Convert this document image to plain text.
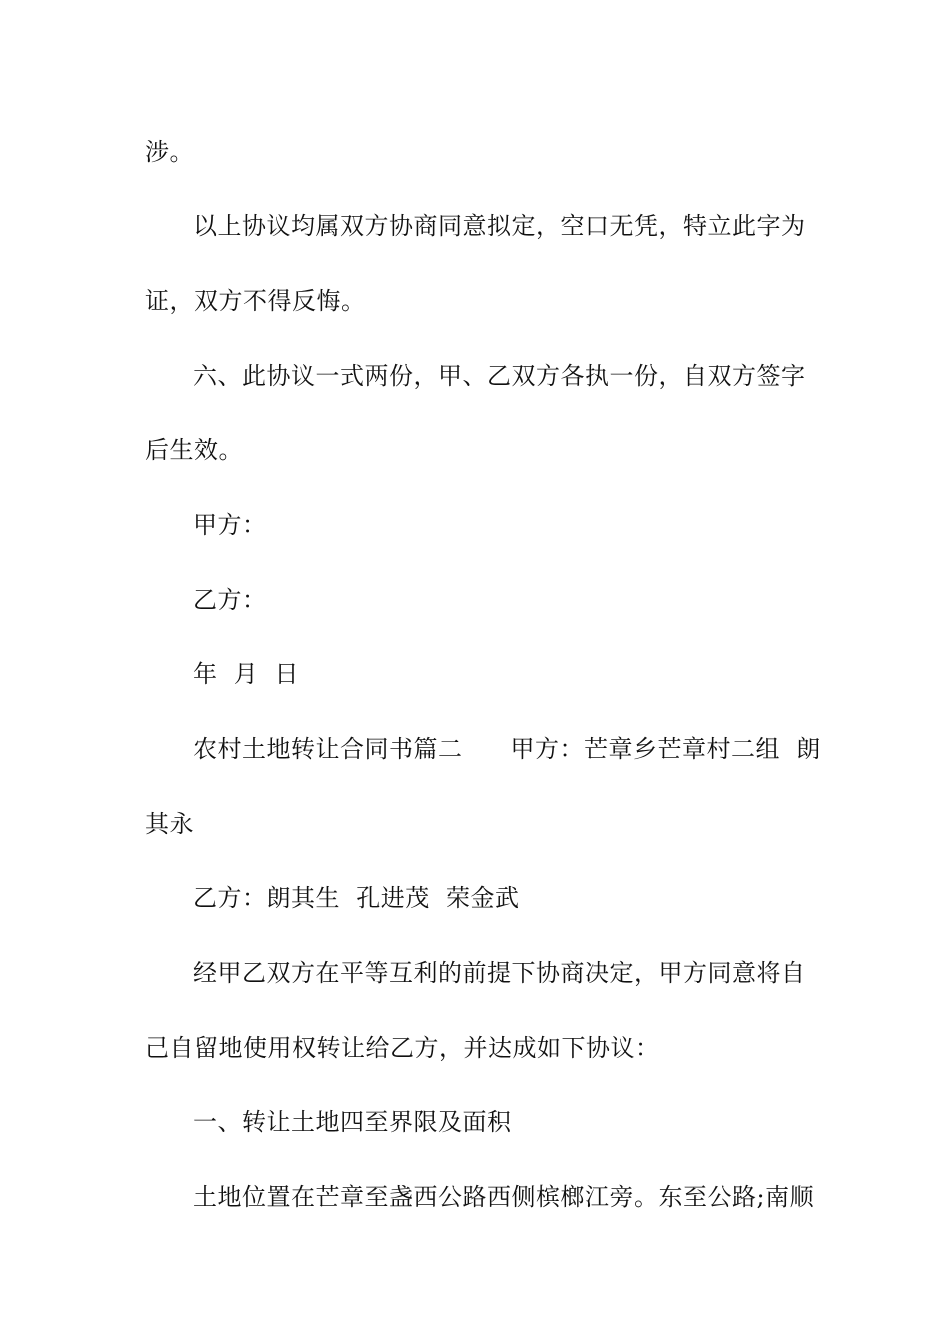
涉。
以上协议均属双方协商同意拟定，空口无凭，特立此字为
证，双方不得反悔。
六、此协议一式两份，甲、乙双方各执一份，自双方签字
后生效。
甲方：
乙方：
年  月  日
农村土地转让合同书篇二 甲方：芒章乡芒章村二组  朗
其永
乙方：朗其生  孔进茂  荣金武
经甲乙双方在平等互利的前提下协商决定，甲方同意将自
己自留地使用权转让给乙方，并达成如下协议：
一、转让土地四至界限及面积
土地位置在芒章至盏西公路西侧槟榔江旁。东至公路;南顺
